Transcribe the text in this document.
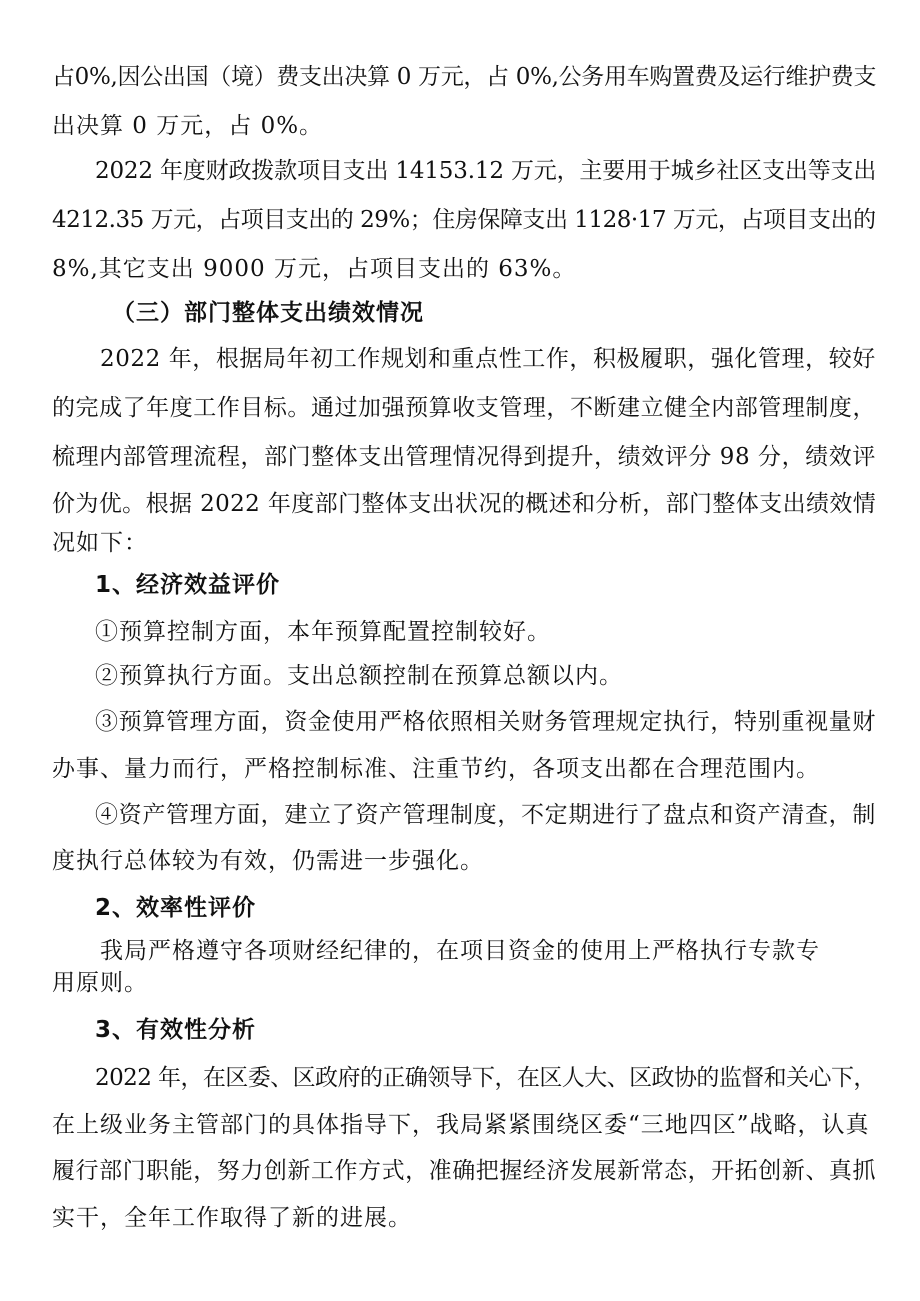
占0%,因公出国（境）费支出决算 0 万元，占 0%,公务用车购置费及运行维护费支
出决算 0 万元，占 0%。
2022 年度财政拨款项目支出 14153.12 万元，主要用于城乡社区支出等支出
4212.35 万元，占项目支出的 29%；住房保障支出 1128·17 万元，占项目支出的
8%,其它支出 9000 万元，占项目支出的 63%。
（三）部门整体支出绩效情况
2022 年，根据局年初工作规划和重点性工作，积极履职，强化管理，较好
的完成了年度工作目标。通过加强预算收支管理，不断建立健全内部管理制度，
梳理内部管理流程，部门整体支出管理情况得到提升，绩效评分 98 分，绩效评
价为优。根据 2022 年度部门整体支出状况的概述和分析，部门整体支出绩效情
况如下：
1、经济效益评价
①预算控制方面，本年预算配置控制较好。
②预算执行方面。支出总额控制在预算总额以内。
③预算管理方面，资金使用严格依照相关财务管理规定执行，特别重视量财
办事、量力而行，严格控制标准、注重节约，各项支出都在合理范围内。
④资产管理方面，建立了资产管理制度，不定期进行了盘点和资产清查，制
度执行总体较为有效，仍需进一步强化。
2、效率性评价
我局严格遵守各项财经纪律的，在项目资金的使用上严格执行专款专
用原则。
3、有效性分析
2022 年，在区委、区政府的正确领导下，在区人大、区政协的监督和关心下，
在上级业务主管部门的具体指导下，我局紧紧围绕区委“三地四区”战略，认真
履行部门职能，努力创新工作方式，准确把握经济发展新常态，开拓创新、真抓
实干，全年工作取得了新的进展。
